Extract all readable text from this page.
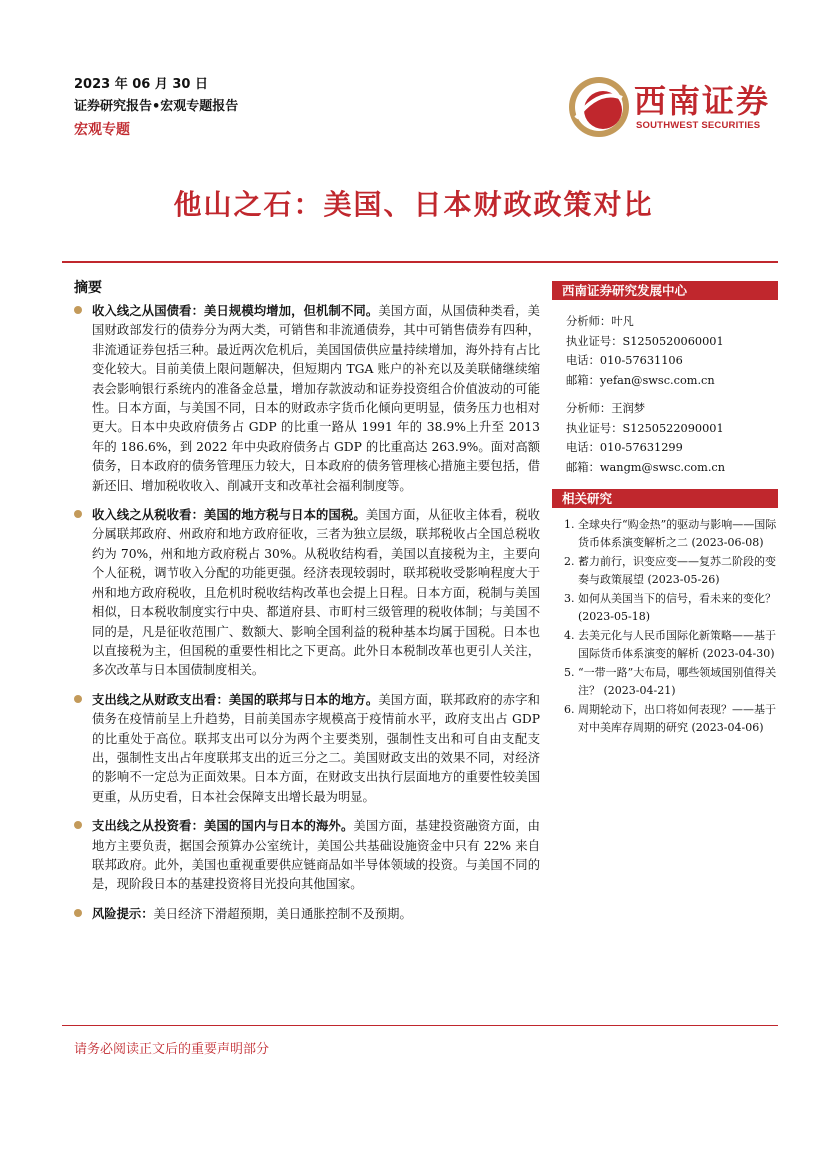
2023 年 06 月 30 日
证券研究报告•宏观专题报告
宏观专题
西南证券
SOUTHWEST SECURITIES
他山之石：美国、日本财政政策对比
摘要
收入线之从国债看：美日规模均增加，但机制不同。美国方面，从国债种类看，美国财政部发行的债券分为两大类，可销售和非流通债券，其中可销售债券有四种，非流通证券包括三种。最近两次危机后，美国国债供应量持续增加，海外持有占比变化较大。目前美债上限问题解决，但短期内 TGA 账户的补充以及美联储继续缩表会影响银行系统内的准备金总量，增加存款波动和证券投资组合价值波动的可能性。日本方面，与美国不同，日本的财政赤字货币化倾向更明显，债务压力也相对更大。日本中央政府债务占 GDP 的比重一路从 1991 年的 38.9%上升至 2013 年的 186.6%，到 2022 年中央政府债务占 GDP 的比重高达 263.9%。面对高额债务，日本政府的债务管理压力较大，日本政府的债务管理核心措施主要包括，借新还旧、增加税收收入、削减开支和改革社会福利制度等。
收入线之从税收看：美国的地方税与日本的国税。美国方面，从征收主体看，税收分属联邦政府、州政府和地方政府征收，三者为独立层级，联邦税收占全国总税收约为 70%，州和地方政府税占 30%。从税收结构看，美国以直接税为主，主要向个人征税，调节收入分配的功能更强。经济表现较弱时，联邦税收受影响程度大于州和地方政府税收，且危机时税收结构改革也会提上日程。日本方面，税制与美国相似，日本税收制度实行中央、都道府县、市町村三级管理的税收体制；与美国不同的是，凡是征收范围广、数额大、影响全国利益的税种基本均属于国税。日本也以直接税为主，但国税的重要性相比之下更高。此外日本税制改革也更引人关注，多次改革与日本国债制度相关。
支出线之从财政支出看：美国的联邦与日本的地方。美国方面，联邦政府的赤字和债务在疫情前呈上升趋势，目前美国赤字规模高于疫情前水平，政府支出占 GDP 的比重处于高位。联邦支出可以分为两个主要类别，强制性支出和可自由支配支出，强制性支出占年度联邦支出的近三分之二。美国财政支出的效果不同，对经济的影响不一定总为正面效果。日本方面，在财政支出执行层面地方的重要性较美国更重，从历史看，日本社会保障支出增长最为明显。
支出线之从投资看：美国的国内与日本的海外。美国方面，基建投资融资方面，由地方主要负责，据国会预算办公室统计，美国公共基础设施资金中只有 22% 来自联邦政府。此外，美国也重视重要供应链商品如半导体领域的投资。与美国不同的是，现阶段日本的基建投资将目光投向其他国家。
风险提示：美日经济下滑超预期，美日通胀控制不及预期。
西南证券研究发展中心
分析师：叶凡
执业证号：S1250520060001
电话：010-57631106
邮箱：yefan@swsc.com.cn
分析师：王润梦
执业证号：S1250522090001
电话：010-57631299
邮箱：wangm@swsc.com.cn
相关研究
1. 全球央行“购金热”的驱动与影响——国际货币体系演变解析之二 (2023-06-08)
2. 蓄力前行，识变应变——复苏二阶段的变奏与政策展望 (2023-05-26)
3. 如何从美国当下的信号，看未来的变化？ (2023-05-18)
4. 去美元化与人民币国际化新策略——基于国际货币体系演变的解析 (2023-04-30)
5. “一带一路”大布局，哪些领域国别值得关注？ (2023-04-21)
6. 周期轮动下，出口将如何表现？——基于对中美库存周期的研究 (2023-04-06)
请务必阅读正文后的重要声明部分
